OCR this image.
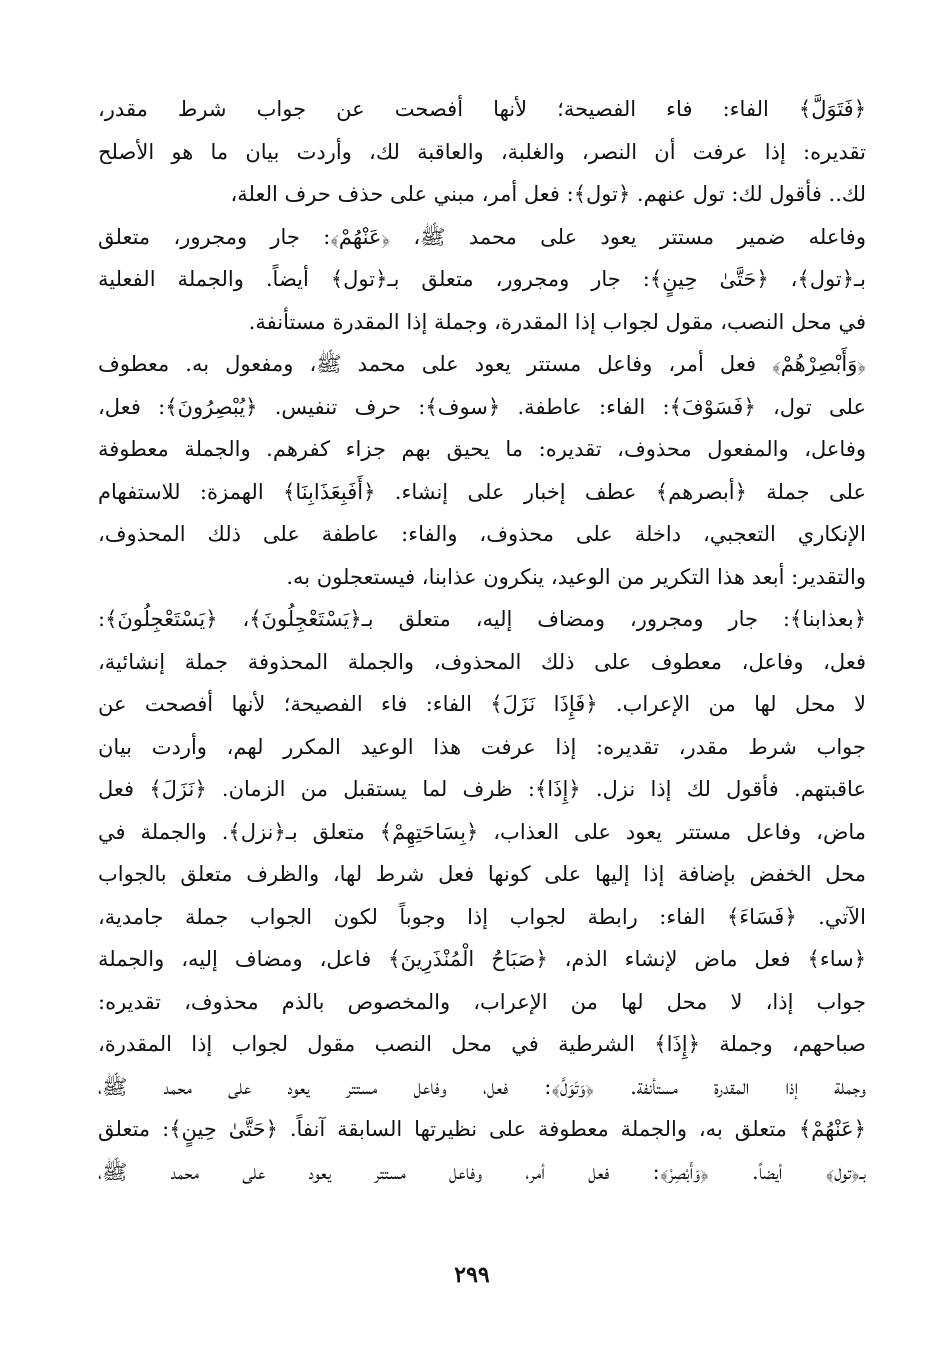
﴿فَتَوَلَّ﴾ الفاء: فاء الفصيحة؛ لأنها أفصحت عن جواب شرط مقدر،
تقديره: إذا عرفت أن النصر، والغلبة، والعاقبة لك، وأردت بيان ما هو الأصلح
لك.. فأقول لك: تول عنهم. ﴿تول﴾: فعل أمر، مبني على حذف حرف العلة،
وفاعله ضمير مستتر يعود على محمد ﷺ، ﴿عَنْهُمْ﴾: جار ومجرور، متعلق
بـ﴿تول﴾، ﴿حَتَّىٰ حِينٍ﴾: جار ومجرور، متعلق بـ﴿تول﴾ أيضاً. والجملة الفعلية
في محل النصب، مقول لجواب إذا المقدرة، وجملة إذا المقدرة مستأنفة.
﴿وَأَبْصِرْهُمْ﴾ فعل أمر، وفاعل مستتر يعود على محمد ﷺ، ومفعول به. معطوف
على تول، ﴿فَسَوْفَ﴾: الفاء: عاطفة. ﴿سوف﴾: حرف تنفيس. ﴿يُبْصِرُونَ﴾: فعل،
وفاعل، والمفعول محذوف، تقديره: ما يحيق بهم جزاء كفرهم. والجملة معطوفة
على جملة ﴿أبصرهم﴾ عطف إخبار على إنشاء. ﴿أَفَبِعَذَابِنَا﴾ الهمزة: للاستفهام
الإنكاري التعجبي، داخلة على محذوف، والفاء: عاطفة على ذلك المحذوف،
والتقدير: أبعد هذا التكرير من الوعيد، ينكرون عذابنا، فيستعجلون به.
﴿بعذابنا﴾: جار ومجرور، ومضاف إليه، متعلق بـ﴿يَسْتَعْجِلُونَ﴾، ﴿يَسْتَعْجِلُونَ﴾:
فعل، وفاعل، معطوف على ذلك المحذوف، والجملة المحذوفة جملة إنشائية،
لا محل لها من الإعراب. ﴿فَإِذَا نَزَلَ﴾ الفاء: فاء الفصيحة؛ لأنها أفصحت عن
جواب شرط مقدر، تقديره: إذا عرفت هذا الوعيد المكرر لهم، وأردت بيان
عاقبتهم. فأقول لك إذا نزل. ﴿إِذَا﴾: ظرف لما يستقبل من الزمان. ﴿نَزَلَ﴾ فعل
ماض، وفاعل مستتر يعود على العذاب، ﴿بِسَاحَتِهِمْ﴾ متعلق بـ﴿نزل﴾. والجملة في
محل الخفض بإضافة إذا إليها على كونها فعل شرط لها، والظرف متعلق بالجواب
الآتي. ﴿فَسَاءَ﴾ الفاء: رابطة لجواب إذا وجوباً لكون الجواب جملة جامدية،
﴿ساء﴾ فعل ماض لإنشاء الذم، ﴿صَبَاحُ الْمُنْذَرِينَ﴾ فاعل، ومضاف إليه، والجملة
جواب إذا، لا محل لها من الإعراب، والمخصوص بالذم محذوف، تقديره:
صباحهم، وجملة ﴿إِذَا﴾ الشرطية في محل النصب مقول لجواب إذا المقدرة،
وجملة إذا المقدرة مستأنفة. ﴿وَتَوَلَّ﴾: فعل، وفاعل مستتر يعود على محمد ﷺ،
﴿عَنْهُمْ﴾ متعلق به، والجملة معطوفة على نظيرتها السابقة آنفاً. ﴿حَتَّىٰ حِينٍ﴾: متعلق
بـ﴿تول﴾ أيضاً. ﴿وَأَبْصِرْ﴾: فعل أمر، وفاعل مستتر يعود على محمد ﷺ،
٢٩٩
